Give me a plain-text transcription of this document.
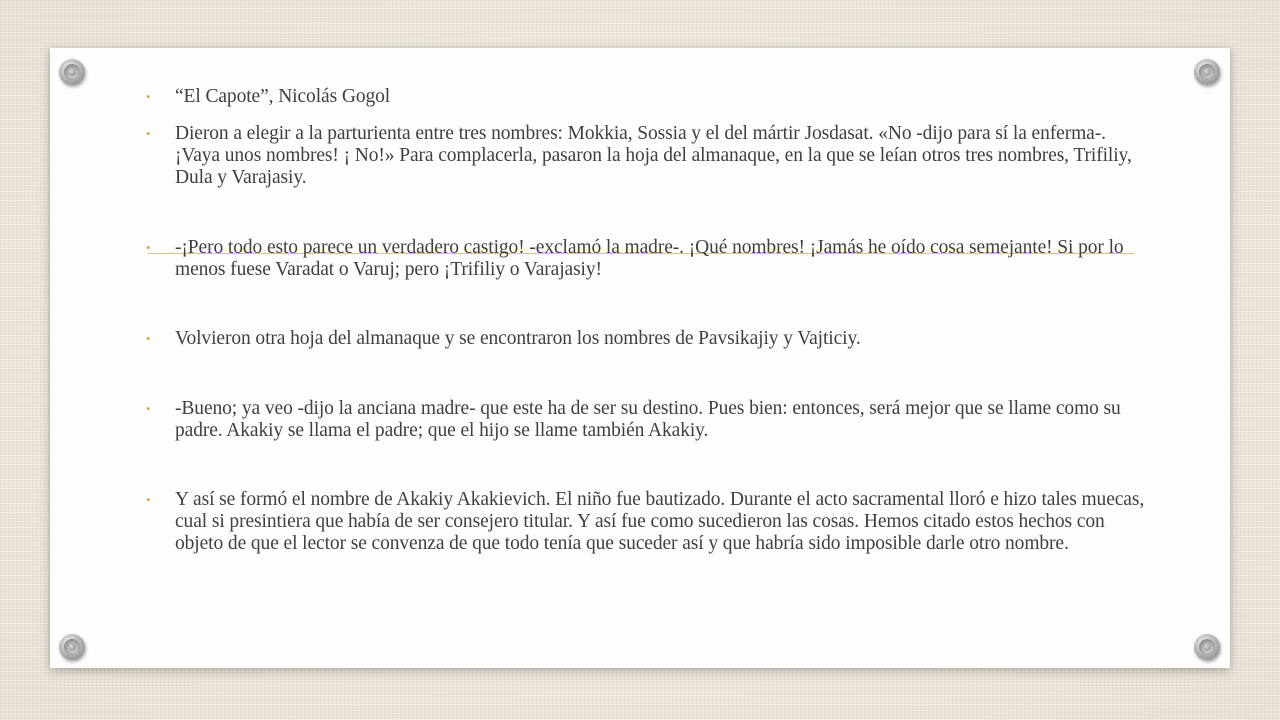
•	“El Capote”, Nicolás Gogol
•	Dieron a elegir a la parturienta entre tres nombres: Mokkia, Sossia y el del mártir Josdasat. «No -dijo para sí la enferma-. ¡Vaya unos nombres! ¡ No!» Para complacerla, pasaron la hoja del almanaque, en la que se leían otros tres nombres, Trifiliy, Dula y Varajasiy.
•	-¡Pero todo esto parece un verdadero castigo! -exclamó la madre-. ¡Qué nombres! ¡Jamás he oído cosa semejante! Si por lo menos fuese Varadat o Varuj; pero ¡Trifiliy o Varajasiy!
•	Volvieron otra hoja del almanaque y se encontraron los nombres de Pavsikajiy y Vajticiy.
•	-Bueno; ya veo -dijo la anciana madre- que este ha de ser su destino. Pues bien: entonces, será mejor que se llame como su padre. Akakiy se llama el padre; que el hijo se llame también Akakiy.
•	Y así se formó el nombre de Akakiy Akakievich. El niño fue bautizado. Durante el acto sacramental lloró e hizo tales muecas, cual si presintiera que había de ser consejero titular. Y así fue como sucedieron las cosas. Hemos citado estos hechos con objeto de que el lector se convenza de que todo tenía que suceder así y que habría sido imposible darle otro nombre.
